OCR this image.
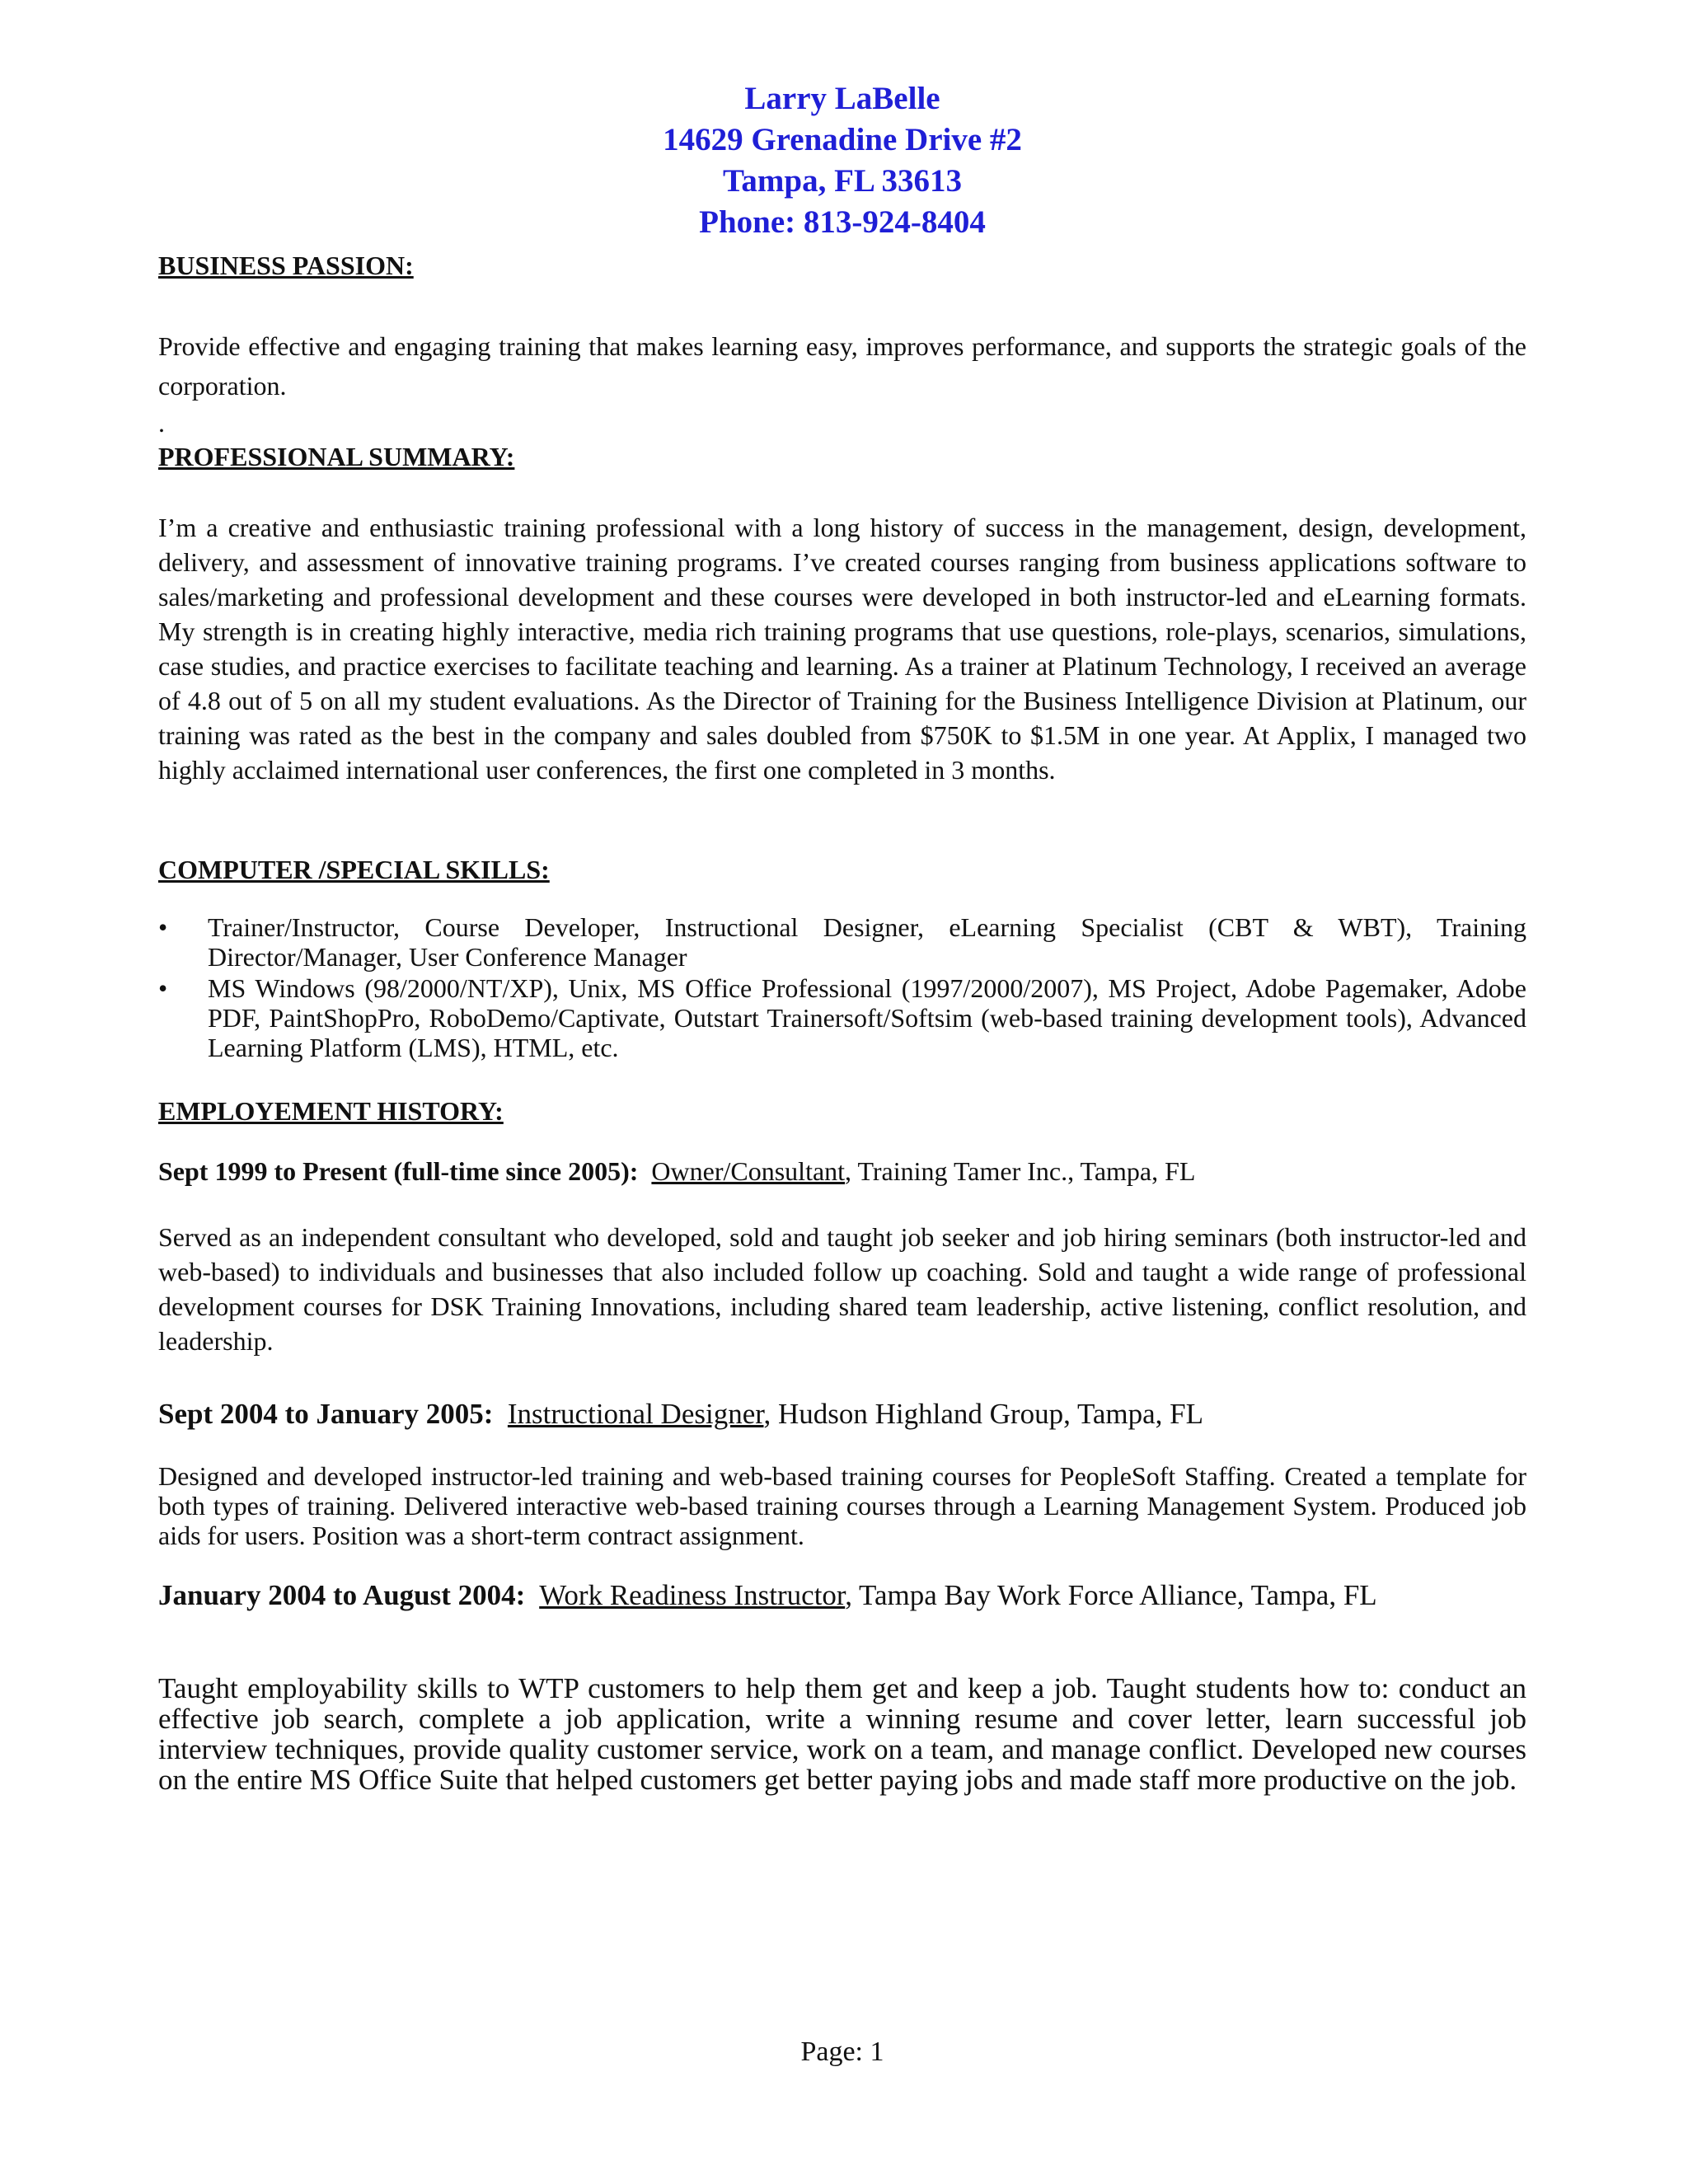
Larry LaBelle
14629 Grenadine Drive #2
Tampa, FL 33613
Phone: 813-924-8404
BUSINESS PASSION:
Provide effective and engaging training that makes learning easy, improves performance, and supports the strategic goals of the corporation.
.
PROFESSIONAL SUMMARY:
I’m a creative and enthusiastic training professional with a long history of success in the management, design, development, delivery, and assessment of innovative training programs. I’ve created courses ranging from business applications software to sales/marketing and professional development and these courses were developed in both instructor-led and eLearning formats. My strength is in creating highly interactive, media rich training programs that use questions, role-plays, scenarios, simulations, case studies, and practice exercises to facilitate teaching and learning. As a trainer at Platinum Technology, I received an average of 4.8 out of 5 on all my student evaluations. As the Director of Training for the Business Intelligence Division at Platinum, our training was rated as the best in the company and sales doubled from $750K to $1.5M in one year. At Applix, I managed two highly acclaimed international user conferences, the first one completed in 3 months.
COMPUTER /SPECIAL SKILLS:
•	Trainer/Instructor, Course Developer, Instructional Designer, eLearning Specialist (CBT & WBT), Training Director/Manager, User Conference Manager
•	MS Windows (98/2000/NT/XP), Unix, MS Office Professional (1997/2000/2007), MS Project, Adobe Pagemaker, Adobe PDF, PaintShopPro, RoboDemo/Captivate, Outstart Trainersoft/Softsim (web-based training development tools), Advanced Learning Platform (LMS), HTML, etc.
EMPLOYEMENT HISTORY:
Sept 1999 to Present (full-time since 2005): Owner/Consultant, Training Tamer Inc., Tampa, FL
Served as an independent consultant who developed, sold and taught job seeker and job hiring seminars (both instructor-led and web-based) to individuals and businesses that also included follow up coaching. Sold and taught a wide range of professional development courses for DSK Training Innovations, including shared team leadership, active listening, conflict resolution, and leadership.
Sept 2004 to January 2005: Instructional Designer, Hudson Highland Group, Tampa, FL
Designed and developed instructor-led training and web-based training courses for PeopleSoft Staffing. Created a template for both types of training. Delivered interactive web-based training courses through a Learning Management System. Produced job aids for users. Position was a short-term contract assignment.
January 2004 to August 2004: Work Readiness Instructor, Tampa Bay Work Force Alliance, Tampa, FL
Taught employability skills to WTP customers to help them get and keep a job. Taught students how to: conduct an effective job search, complete a job application, write a winning resume and cover letter, learn successful job interview techniques, provide quality customer service, work on a team, and manage conflict. Developed new courses on the entire MS Office Suite that helped customers get better paying jobs and made staff more productive on the job.
Page: 1
